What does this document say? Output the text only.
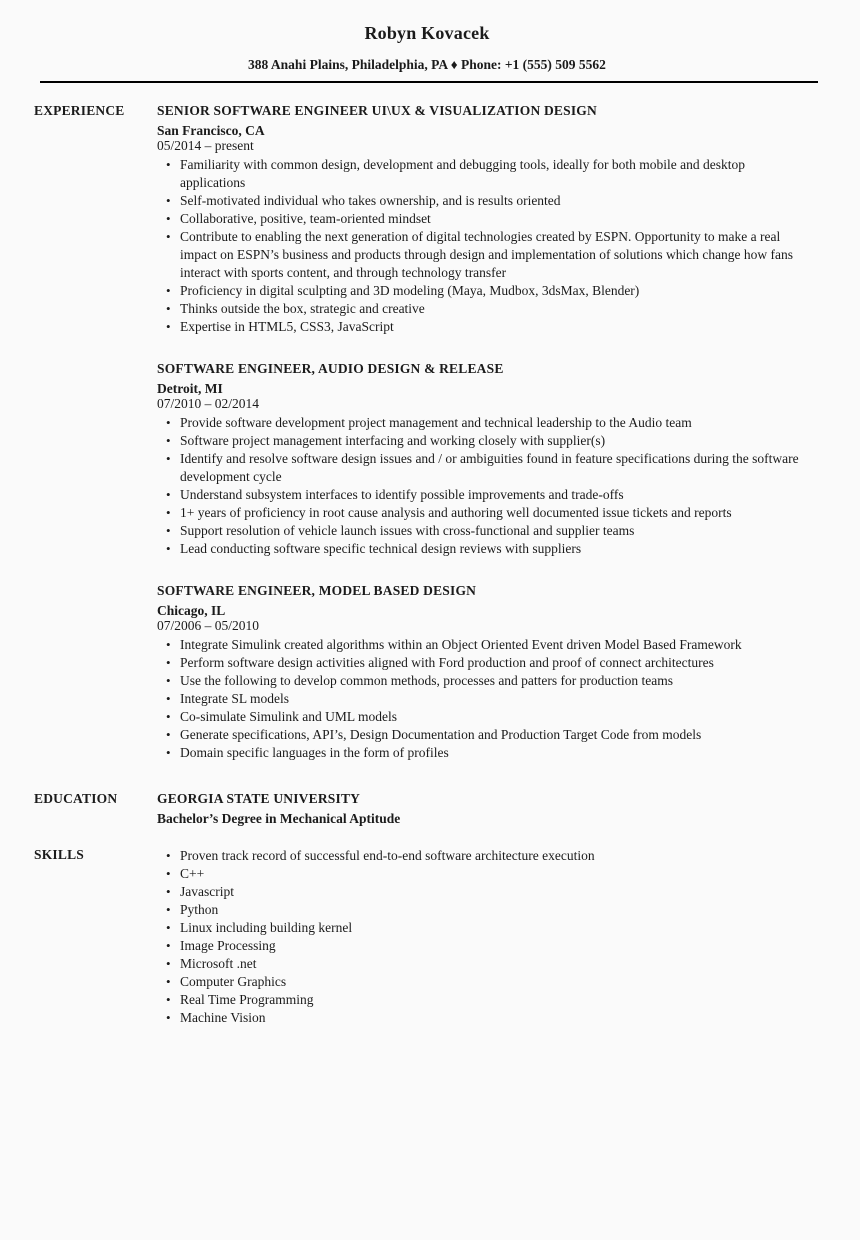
Robyn Kovacek

388 Anahi Plains, Philadelphia, PA ♦ Phone: +1 (555) 509 5562

EXPERIENCE	SENIOR SOFTWARE ENGINEER UI\UX & VISUALIZATION DESIGN

San Francisco, CA

05/2014 – present

• Familiarity with common design, development and debugging tools, ideally for both mobile and desktop applications
• Self-motivated individual who takes ownership, and is results oriented
• Collaborative, positive, team-oriented mindset
• Contribute to enabling the next generation of digital technologies created by ESPN. Opportunity to make a real impact on ESPN’s business and products through design and implementation of solutions which change how fans interact with sports content, and through technology transfer
• Proficiency in digital sculpting and 3D modeling (Maya, Mudbox, 3dsMax, Blender)
• Thinks outside the box, strategic and creative
• Expertise in HTML5, CSS3, JavaScript
SOFTWARE ENGINEER, AUDIO DESIGN & RELEASE

Detroit, MI

07/2010 – 02/2014

• Provide software development project management and technical leadership to the Audio team
• Software project management interfacing and working closely with supplier(s)
• Identify and resolve software design issues and / or ambiguities found in feature specifications during the software development cycle
• Understand subsystem interfaces to identify possible improvements and trade-offs
• 1+ years of proficiency in root cause analysis and authoring well documented issue tickets and reports
• Support resolution of vehicle launch issues with cross-functional and supplier teams
• Lead conducting software specific technical design reviews with suppliers
SOFTWARE ENGINEER, MODEL BASED DESIGN

Chicago, IL

07/2006 – 05/2010

• Integrate Simulink created algorithms within an Object Oriented Event driven Model Based Framework
• Perform software design activities aligned with Ford production and proof of connect architectures
• Use the following to develop common methods, processes and patters for production teams
• Integrate SL models
• Co-simulate Simulink and UML models
• Generate specifications, API’s, Design Documentation and Production Target Code from models
• Domain specific languages in the form of profiles
EDUCATION	GEORGIA STATE UNIVERSITY

Bachelor’s Degree in Mechanical Aptitude

SKILLS	• Proven track record of successful end-to-end software architecture execution
• C++
• Javascript
• Python
• Linux including building kernel
• Image Processing
• Microsoft .net
• Computer Graphics
• Real Time Programming
• Machine Vision
